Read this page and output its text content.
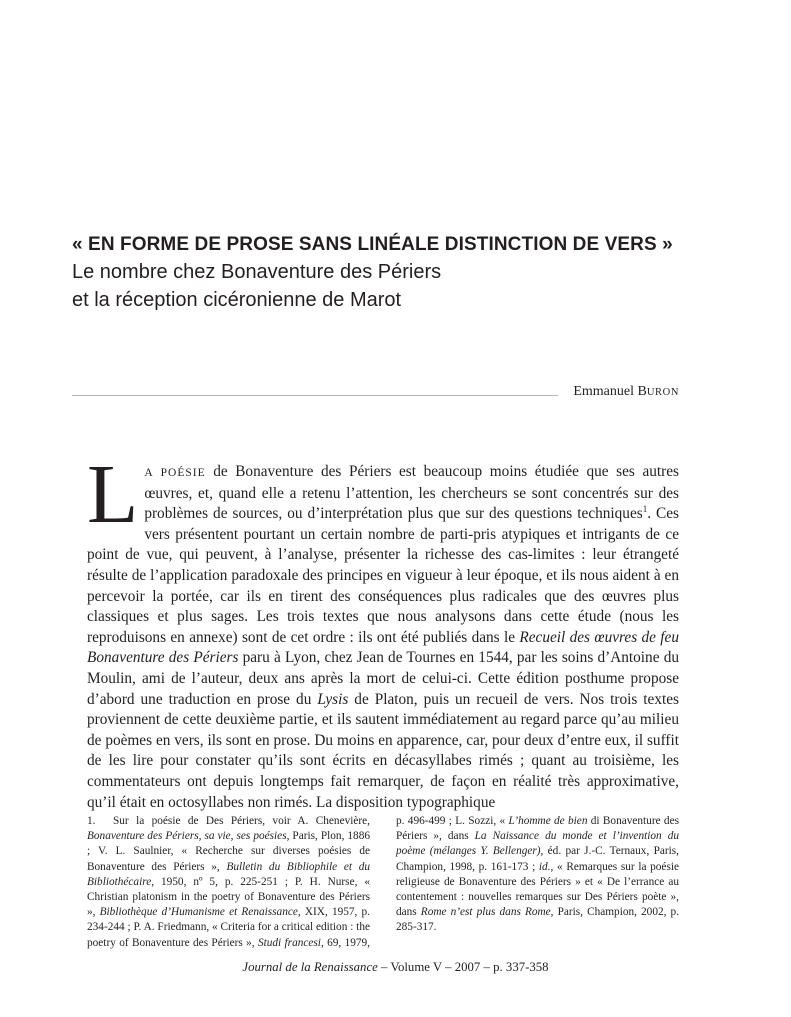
« EN FORME DE PROSE SANS LINÉALE DISTINCTION DE VERS »
Le nombre chez Bonaventure des Périers
et la réception cicéronienne de Marot
Emmanuel BURON
LA POÉSIE de Bonaventure des Périers est beaucoup moins étudiée que ses autres œuvres, et, quand elle a retenu l’attention, les chercheurs se sont concentrés sur des problèmes de sources, ou d’interprétation plus que sur des questions techniques$^1$. Ces vers présentent pourtant un certain nombre de parti-pris atypiques et intrigants de ce point de vue, qui peuvent, à l’analyse, présenter la richesse des cas-limites : leur étrangeté résulte de l’application paradoxale des principes en vigueur à leur époque, et ils nous aident à en percevoir la portée, car ils en tirent des conséquences plus radicales que des œuvres plus classiques et plus sages. Les trois textes que nous analysons dans cette étude (nous les reproduisons en annexe) sont de cet ordre : ils ont été publiés dans le Recueil des œuvres de feu Bonaventure des Périers paru à Lyon, chez Jean de Tournes en 1544, par les soins d’Antoine du Moulin, ami de l’auteur, deux ans après la mort de celui-ci. Cette édition posthume propose d’abord une traduction en prose du Lysis de Platon, puis un recueil de vers. Nos trois textes proviennent de cette deuxième partie, et ils sautent immédiatement au regard parce qu’au milieu de poèmes en vers, ils sont en prose. Du moins en apparence, car, pour deux d’entre eux, il suffit de les lire pour constater qu’ils sont écrits en décasyllabes rimés ; quant au troisième, les commentateurs ont depuis longtemps fait remarquer, de façon en réalité très approximative, qu’il était en octosyllabes non rimés. La disposition typographique
1. Sur la poésie de Des Périers, voir A. Chenevière, Bonaventure des Périers, sa vie, ses poésies, Paris, Plon, 1886 ; V. L. Saulnier, « Recherche sur diverses poésies de Bonaventure des Périers », Bulletin du Bibliophile et du Bibliothécaire, 1950, nº 5, p. 225-251 ; P. H. Nurse, « Christian platonism in the poetry of Bonaventure des Périers », Bibliothèque d’Humanisme et Renaissance, XIX, 1957, p. 234-244 ; P. A. Friedmann, « Criteria for a critical edition : the poetry of Bonaventure des Périers », Studi francesi, 69, 1979, p. 496-499 ; L. Sozzi, « L’homme de bien di Bonaventure des Périers », dans La Naissance du monde et l’invention du poème (mélanges Y. Bellenger), éd. par J.-C. Ternaux, Paris, Champion, 1998, p. 161-173 ; id., « Remarques sur la poésie religieuse de Bonaventure des Périers » et « De l’errance au contentement : nouvelles remarques sur Des Périers poète », dans Rome n’est plus dans Rome, Paris, Champion, 2002, p. 285-317.
Journal de la Renaissance – Volume V – 2007 – p. 337-358
